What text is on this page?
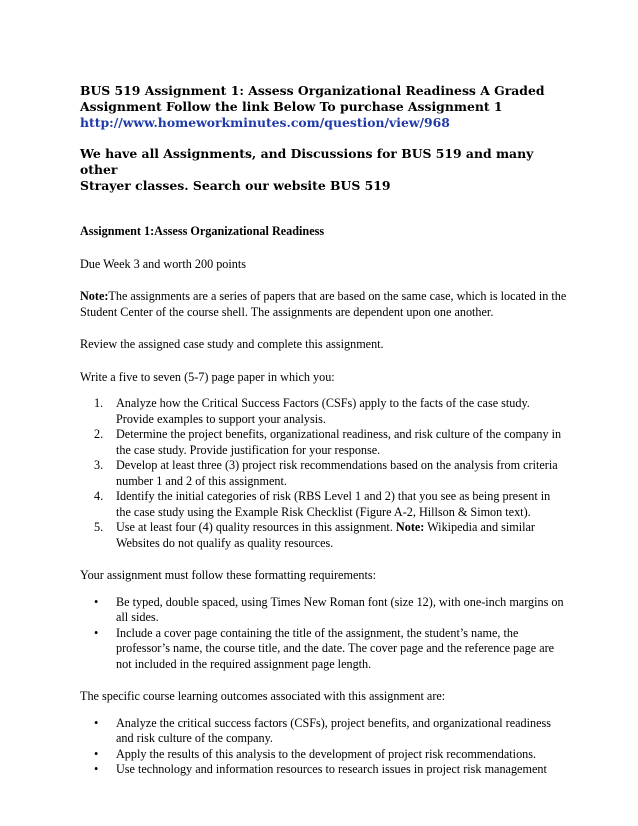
BUS 519 Assignment 1: Assess Organizational Readiness A Graded
Assignment Follow the link Below To purchase Assignment 1
http://www.homeworkminutes.com/question/view/968
We have all Assignments, and Discussions for BUS 519 and many other
Strayer classes. Search our website BUS 519

Assignment 1:Assess Organizational Readiness

Due Week 3 and worth 200 points

Note:The assignments are a series of papers that are based on the same case, which is located in the Student Center of the course shell. The assignments are dependent upon one another.

Review the assigned case study and complete this assignment.

Write a five to seven (5-7) page paper in which you:

1. Analyze how the Critical Success Factors (CSFs) apply to the facts of the case study. Provide examples to support your analysis.
2. Determine the project benefits, organizational readiness, and risk culture of the company in the case study. Provide justification for your response.
3. Develop at least three (3) project risk recommendations based on the analysis from criteria number 1 and 2 of this assignment.
4. Identify the initial categories of risk (RBS Level 1 and 2) that you see as being present in the case study using the Example Risk Checklist (Figure A-2, Hillson & Simon text).
5. Use at least four (4) quality resources in this assignment. Note: Wikipedia and similar Websites do not qualify as quality resources.

Your assignment must follow these formatting requirements:

• Be typed, double spaced, using Times New Roman font (size 12), with one-inch margins on all sides.
• Include a cover page containing the title of the assignment, the student’s name, the professor’s name, the course title, and the date. The cover page and the reference page are not included in the required assignment page length.

The specific course learning outcomes associated with this assignment are:

• Analyze the critical success factors (CSFs), project benefits, and organizational readiness and risk culture of the company.
• Apply the results of this analysis to the development of project risk recommendations.
• Use technology and information resources to research issues in project risk management
